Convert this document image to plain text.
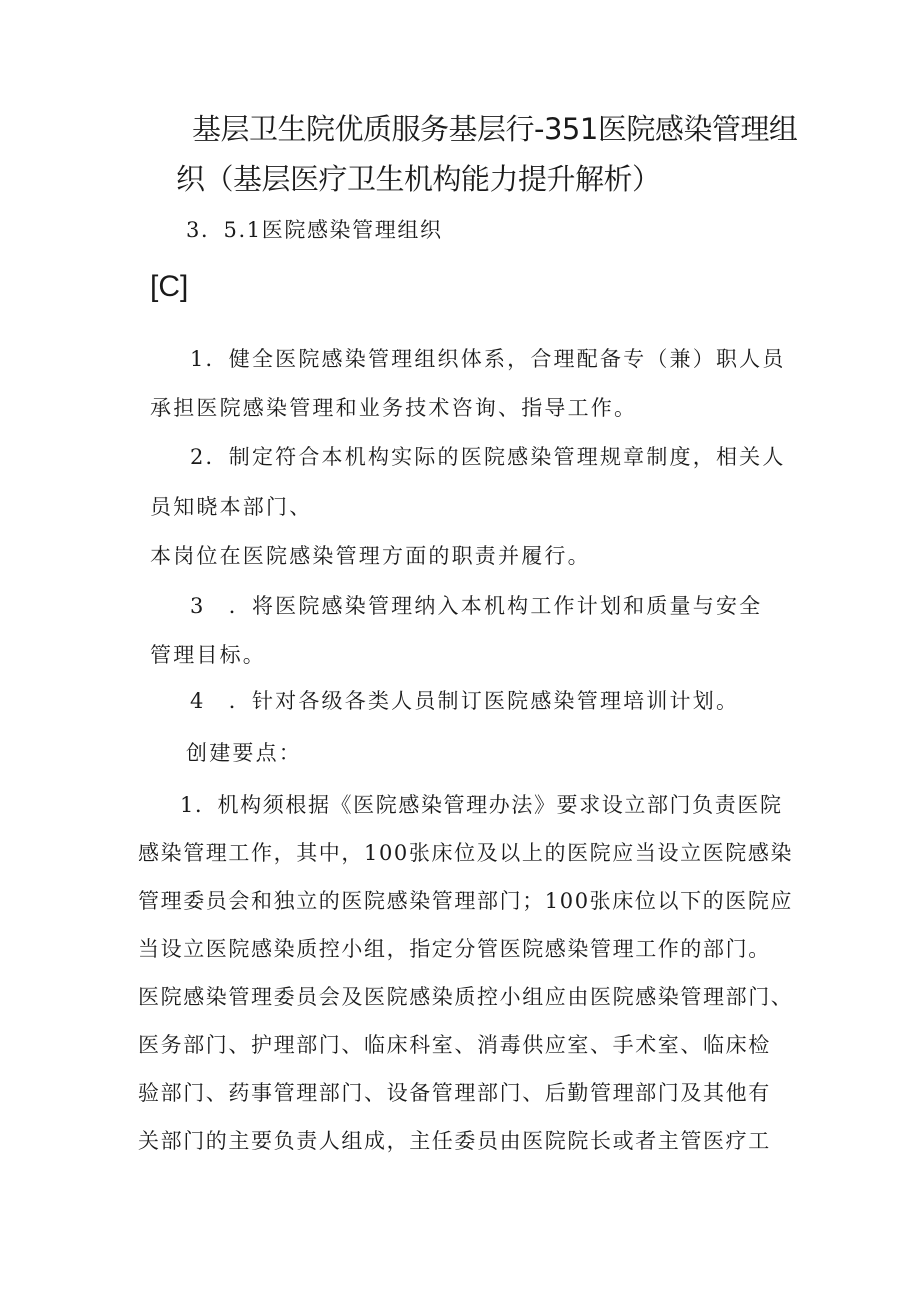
基层卫生院优质服务基层行-351医院感染管理组
织（基层医疗卫生机构能力提升解析）
3．5.1医院感染管理组织
[C]
1．健全医院感染管理组织体系，合理配备专（兼）职人员
承担医院感染管理和业务技术咨询、指导工作。
2．制定符合本机构实际的医院感染管理规章制度，相关人
员知晓本部门、
本岗位在医院感染管理方面的职责并履行。
3　．将医院感染管理纳入本机构工作计划和质量与安全
管理目标。
4　．针对各级各类人员制订医院感染管理培训计划。
创建要点：
1．机构须根据《医院感染管理办法》要求设立部门负责医院
感染管理工作，其中，100张床位及以上的医院应当设立医院感染
管理委员会和独立的医院感染管理部门；100张床位以下的医院应
当设立医院感染质控小组，指定分管医院感染管理工作的部门。
医院感染管理委员会及医院感染质控小组应由医院感染管理部门、
医务部门、护理部门、临床科室、消毒供应室、手术室、临床检
验部门、药事管理部门、设备管理部门、后勤管理部门及其他有
关部门的主要负责人组成，主任委员由医院院长或者主管医疗工
